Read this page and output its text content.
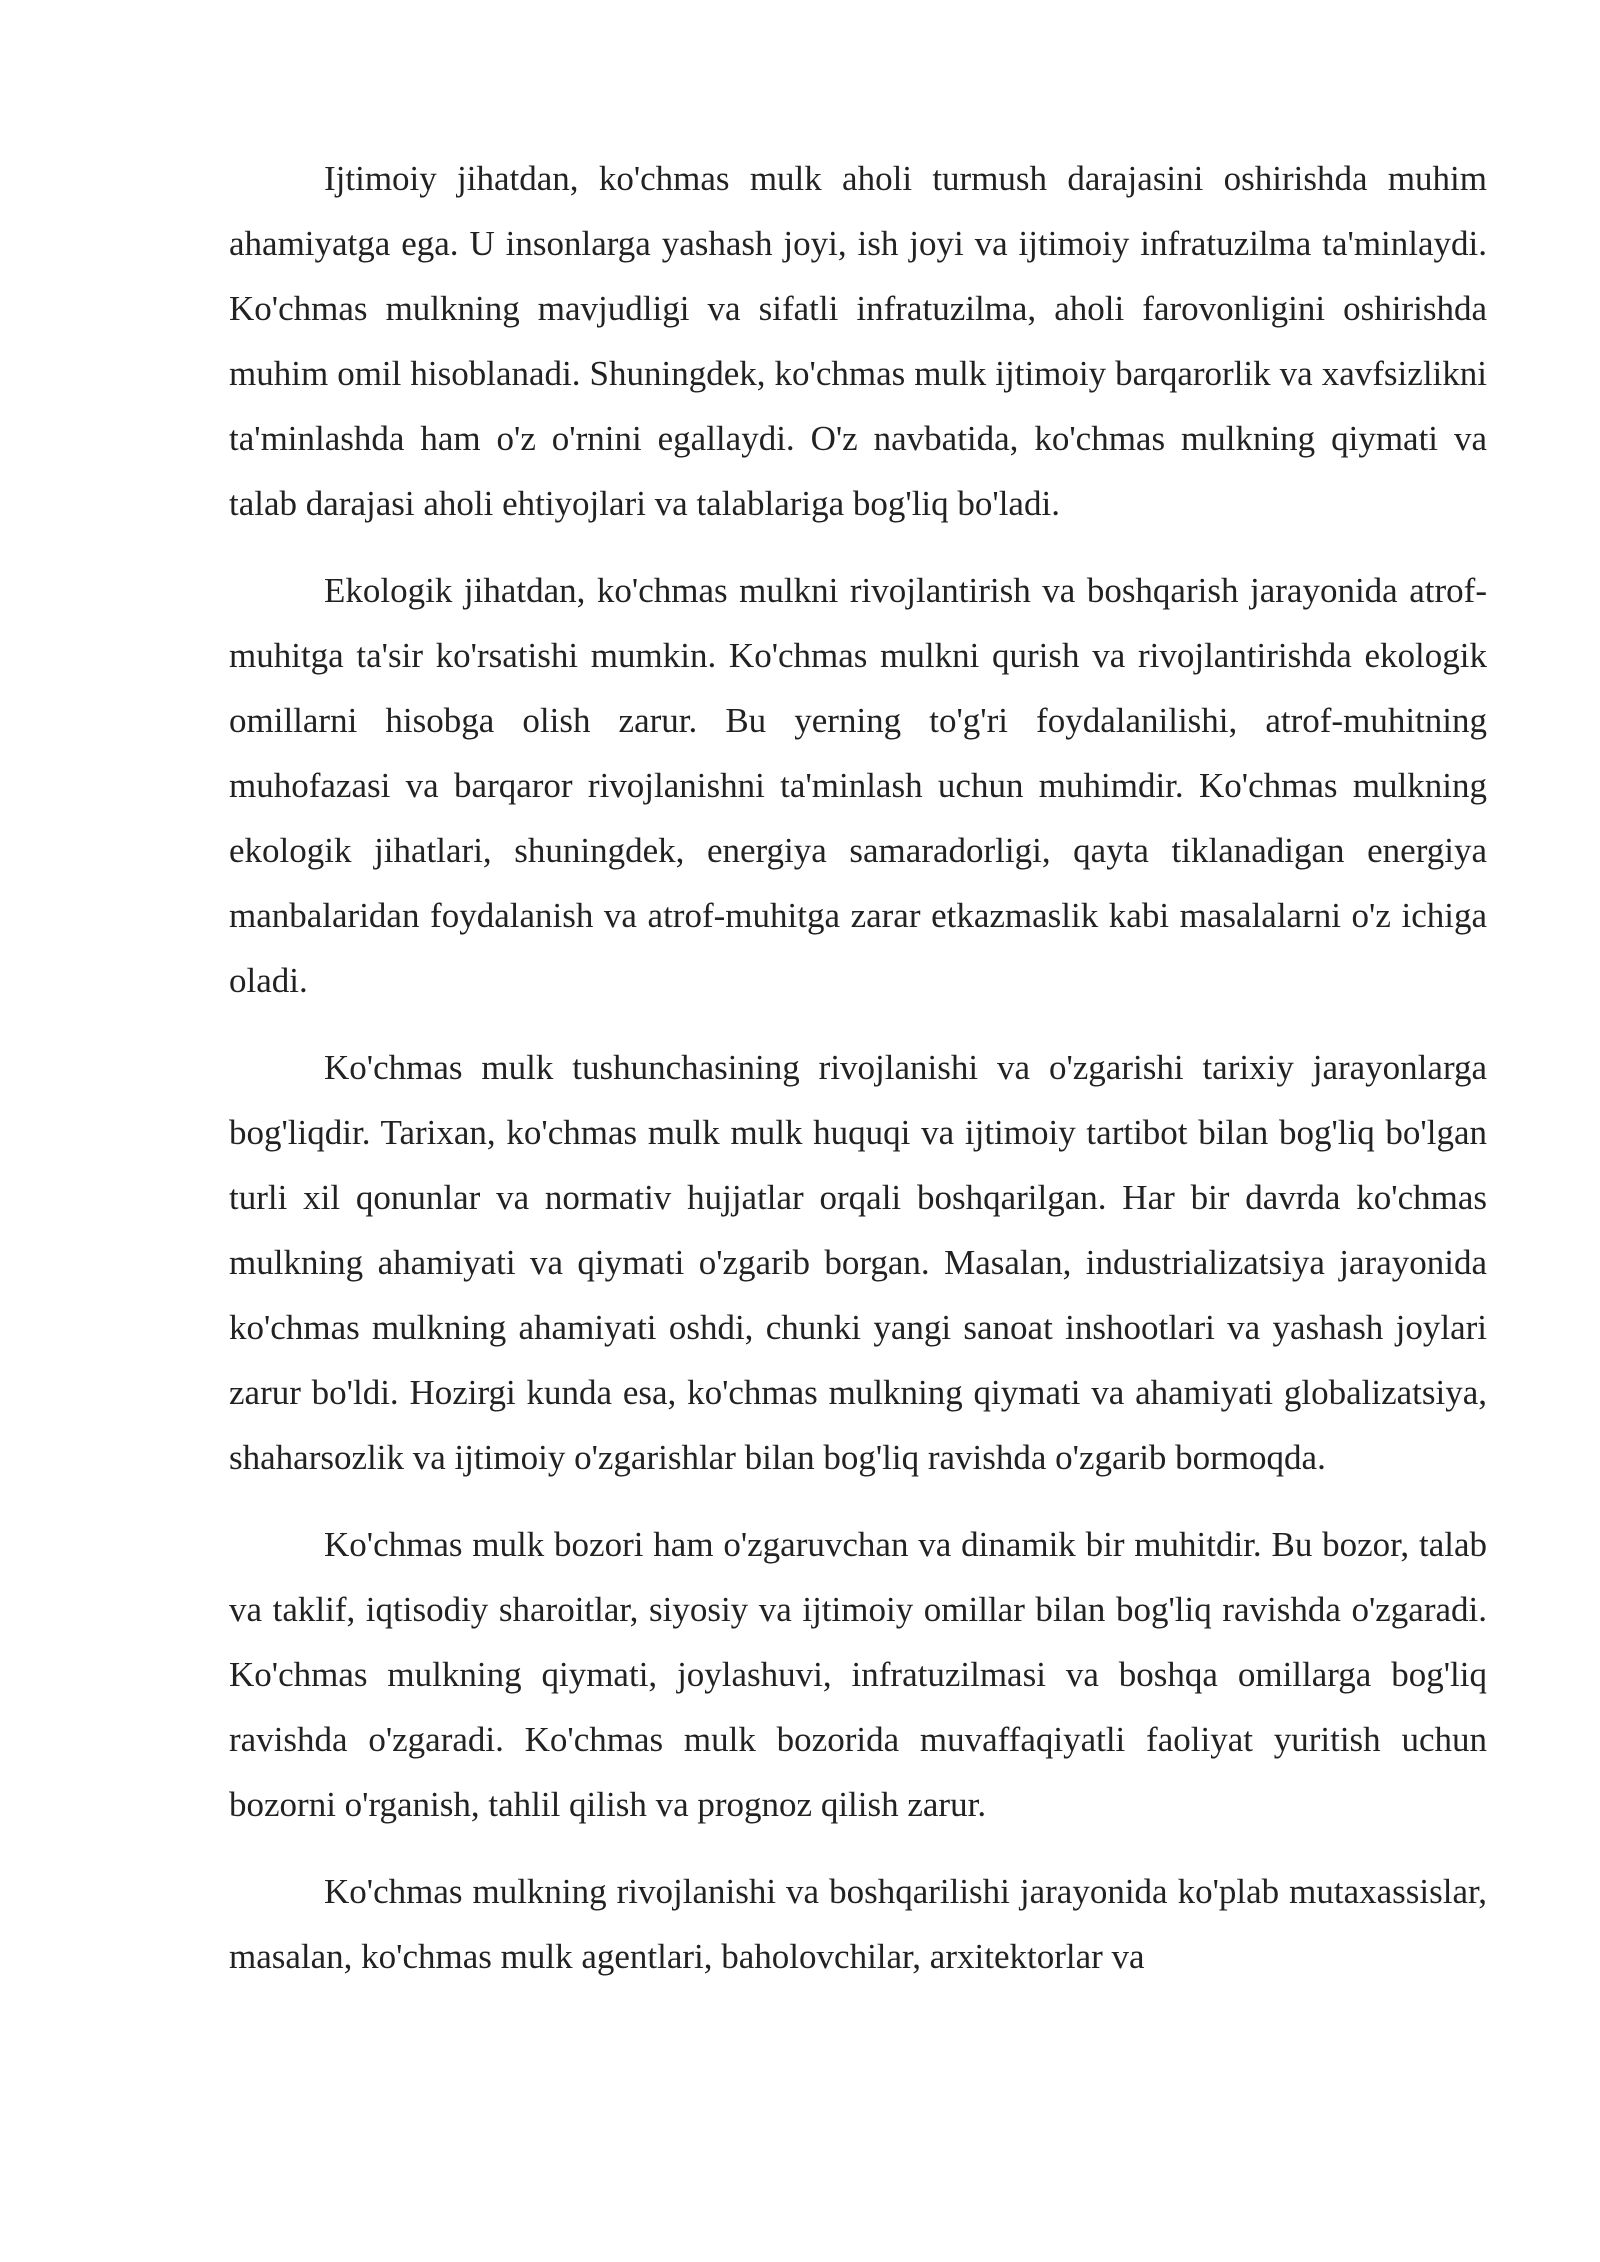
Ijtimoiy jihatdan, ko'chmas mulk aholi turmush darajasini oshirishda muhim ahamiyatga ega. U insonlarga yashash joyi, ish joyi va ijtimoiy infratuzilma ta'minlaydi. Ko'chmas mulkning mavjudligi va sifatli infratuzilma, aholi farovonligini oshirishda muhim omil hisoblanadi. Shuningdek, ko'chmas mulk ijtimoiy barqarorlik va xavfsizlikni ta'minlashda ham o'z o'rnini egallaydi. O'z navbatida, ko'chmas mulkning qiymati va talab darajasi aholi ehtiyojlari va talablariga bog'liq bo'ladi.

Ekologik jihatdan, ko'chmas mulkni rivojlantirish va boshqarish jarayonida atrof-muhitga ta'sir ko'rsatishi mumkin. Ko'chmas mulkni qurish va rivojlantirishda ekologik omillarni hisobga olish zarur. Bu yerning to'g'ri foydalanilishi, atrof-muhitning muhofazasi va barqaror rivojlanishni ta'minlash uchun muhimdir. Ko'chmas mulkning ekologik jihatlari, shuningdek, energiya samaradorligi, qayta tiklanadigan energiya manbalaridan foydalanish va atrof-muhitga zarar etkazmaslik kabi masalalarni o'z ichiga oladi.

Ko'chmas mulk tushunchasining rivojlanishi va o'zgarishi tarixiy jarayonlarga bog'liqdir. Tarixan, ko'chmas mulk mulk huquqi va ijtimoiy tartibot bilan bog'liq bo'lgan turli xil qonunlar va normativ hujjatlar orqali boshqarilgan. Har bir davrda ko'chmas mulkning ahamiyati va qiymati o'zgarib borgan. Masalan, industrializatsiya jarayonida ko'chmas mulkning ahamiyati oshdi, chunki yangi sanoat inshootlari va yashash joylari zarur bo'ldi. Hozirgi kunda esa, ko'chmas mulkning qiymati va ahamiyati globalizatsiya, shaharsozlik va ijtimoiy o'zgarishlar bilan bog'liq ravishda o'zgarib bormoqda.

Ko'chmas mulk bozori ham o'zgaruvchan va dinamik bir muhitdir. Bu bozor, talab va taklif, iqtisodiy sharoitlar, siyosiy va ijtimoiy omillar bilan bog'liq ravishda o'zgaradi. Ko'chmas mulkning qiymati, joylashuvi, infratuzilmasi va boshqa omillarga bog'liq ravishda o'zgaradi. Ko'chmas mulk bozorida muvaffaqiyatli faoliyat yuritish uchun bozorni o'rganish, tahlil qilish va prognoz qilish zarur.

Ko'chmas mulkning rivojlanishi va boshqarilishi jarayonida ko'plab mutaxassislar, masalan, ko'chmas mulk agentlari, baholovchilar, arxitektorlar va
